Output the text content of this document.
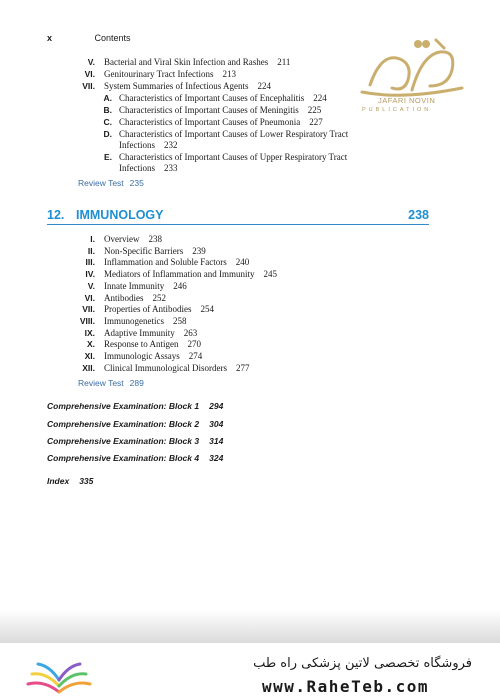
x	Contents
JAFARI NOVIN
PUBLICATION
V. Bacterial and Viral Skin Infection and Rashes 211
VI. Genitourinary Tract Infections 213
VII. System Summaries of Infectious Agents 224
A. Characteristics of Important Causes of Encephalitis 224
B. Characteristics of Important Causes of Meningitis 225
C. Characteristics of Important Causes of Pneumonia 227
D. Characteristics of Important Causes of Lower Respiratory Tract
Infections 232
E. Characteristics of Important Causes of Upper Respiratory Tract
Infections 233
Review Test 235
12. IMMUNOLOGY	238
I. Overview 238
II. Non-Specific Barriers 239
III. Inflammation and Soluble Factors 240
IV. Mediators of Inflammation and Immunity 245
V. Innate Immunity 246
VI. Antibodies 252
VII. Properties of Antibodies 254
VIII. Immunogenetics 258
IX. Adaptive Immunity 263
X. Response to Antigen 270
XI. Immunologic Assays 274
XII. Clinical Immunological Disorders 277
Review Test 289
Comprehensive Examination: Block 1 294
Comprehensive Examination: Block 2 304
Comprehensive Examination: Block 3 314
Comprehensive Examination: Block 4 324
Index 335
فروشگاه تخصصی لاتین پزشکی راه طب
www.RaheTeb.com
